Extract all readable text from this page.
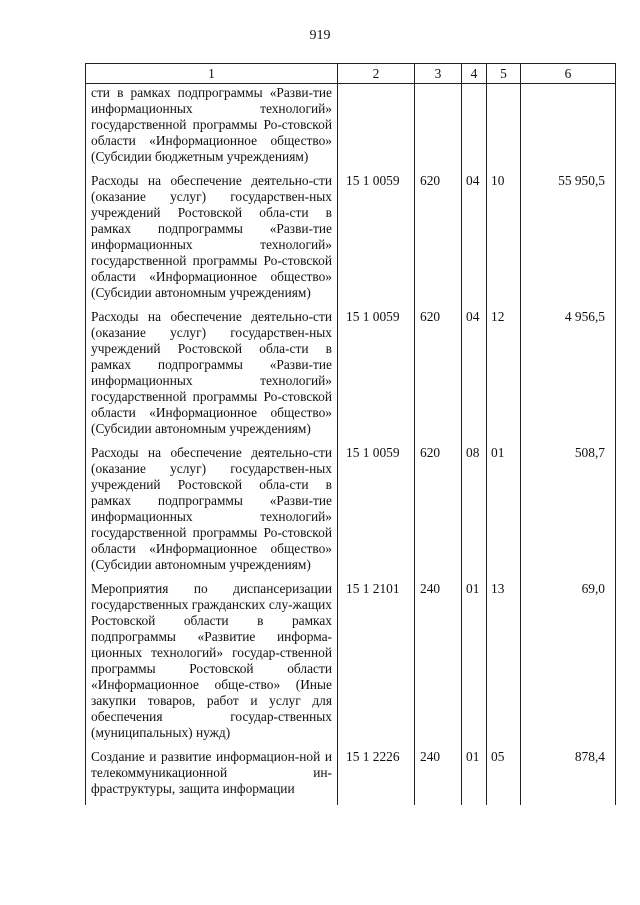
919
1	2	3	4	5	6
сти в рамках подпрограммы «Разви-тие информационных технологий» государственной программы Ро-стовской области «Информационное общество» (Субсидии бюджетным учреждениям)					
Расходы на обеспечение деятельно-сти (оказание услуг) государствен-ных учреждений Ростовской обла-сти в рамках подпрограммы «Разви-тие информационных технологий» государственной программы Ро-стовской области «Информационное общество» (Субсидии автономным учреждениям)	15 1 0059	620	04	10	55 950,5
Расходы на обеспечение деятельно-сти (оказание услуг) государствен-ных учреждений Ростовской обла-сти в рамках подпрограммы «Разви-тие информационных технологий» государственной программы Ро-стовской области «Информационное общество» (Субсидии автономным учреждениям)	15 1 0059	620	04	12	4 956,5
Расходы на обеспечение деятельно-сти (оказание услуг) государствен-ных учреждений Ростовской обла-сти в рамках подпрограммы «Разви-тие информационных технологий» государственной программы Ро-стовской области «Информационное общество» (Субсидии автономным учреждениям)	15 1 0059	620	08	01	508,7
Мероприятия по диспансеризации государственных гражданских слу-жащих Ростовской области в рамках подпрограммы «Развитие информа-ционных технологий» государ-ственной программы Ростовской области «Информационное обще-ство» (Иные закупки товаров, работ и услуг для обеспечения государ-ственных (муниципальных) нужд)	15 1 2101	240	01	13	69,0
Создание и развитие информацион-ной и телекоммуникационной ин-фраструктуры, защита информации	15 1 2226	240	01	05	878,4
